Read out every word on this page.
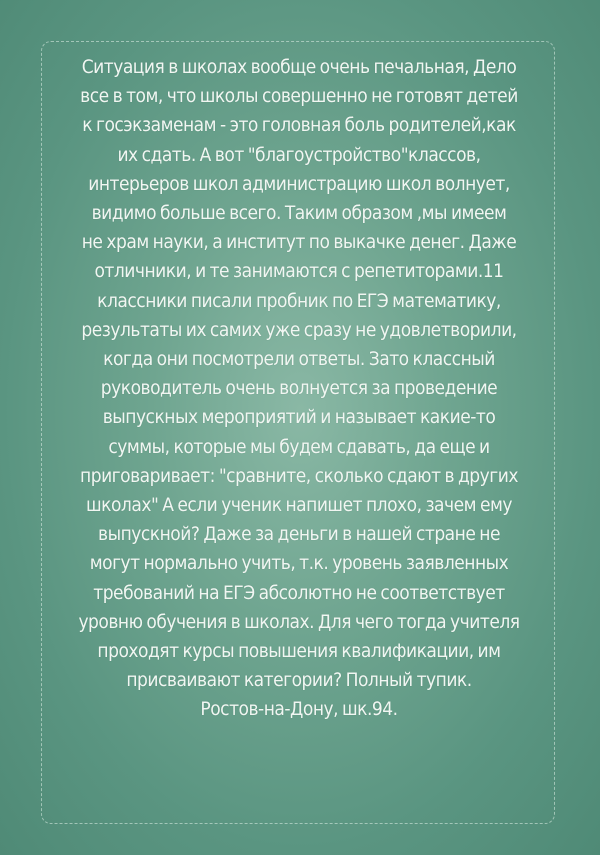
Ситуация в школах вообще очень печальная, Дело
все в том, что школы совершенно не готовят детей
к госэкзаменам - это головная боль родителей,как
их сдать. А вот "благоустройство"классов,
интерьеров школ администрацию школ волнует,
видимо больше всего. Таким образом ,мы имеем
не храм науки, а институт по выкачке денег. Даже
отличники, и те занимаются с репетиторами.11
классники писали пробник по ЕГЭ математику,
результаты их самих уже сразу не удовлетворили,
когда они посмотрели ответы. Зато классный
руководитель очень волнуется за проведение
выпускных мероприятий и называет какие-то
суммы, которые мы будем сдавать, да еще и
приговаривает: "сравните, сколько сдают в других
школах" А если ученик напишет плохо, зачем ему
выпускной? Даже за деньги в нашей стране не
могут нормально учить, т.к. уровень заявленных
требований на ЕГЭ абсолютно не соответствует
уровню обучения в школах. Для чего тогда учителя
проходят курсы повышения квалификации, им
присваивают категории? Полный тупик.
Ростов-на-Дону, шк.94.
